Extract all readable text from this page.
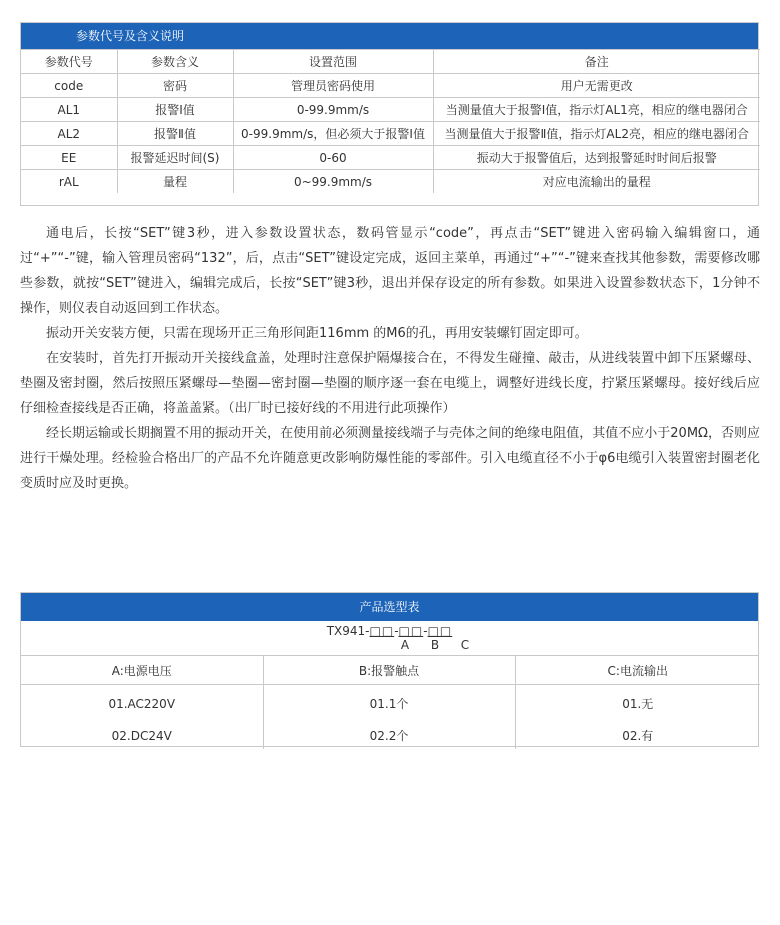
参数代号及含义说明
参数代号	参数含义	设置范围	备注
code	密码	管理员密码使用	用户无需更改
AL1	报警Ⅰ值	0-99.9mm/s	当测量值大于报警Ⅰ值，指示灯AL1亮，相应的继电器闭合
AL2	报警Ⅱ值	0-99.9mm/s，但必须大于报警Ⅰ值	当测量值大于报警Ⅱ值，指示灯AL2亮，相应的继电器闭合
EE	报警延迟时间(S)	0-60	振动大于报警值后，达到报警延时时间后报警
rAL	量程	0~99.9mm/s	对应电流输出的量程

通电后，长按“SET”键3秒，进入参数设置状态，数码管显示“code”，再点击“SET”键进入密码输入编辑窗口，通过“+”“-”键，输入管理员密码“132”，后，点击“SET”键设定完成，返回主菜单，再通过“+”“-”键来查找其他参数，需要修改哪些参数，就按“SET”键进入，编辑完成后，长按“SET”键3秒，退出并保存设定的所有参数。如果进入设置参数状态下，1分钟不操作，则仪表自动返回到工作状态。

振动开关安装方便，只需在现场开正三角形间距116mm 的M6的孔，再用安装螺钉固定即可。

在安装时，首先打开振动开关接线盒盖，处理时注意保护隔爆接合在，不得发生碰撞、敲击，从进线装置中卸下压紧螺母、垫圈及密封圈，然后按照压紧螺母—垫圈—密封圈—垫圈的顺序逐一套在电缆上，调整好进线长度，拧紧压紧螺母。接好线后应仔细检查接线是否正确，将盖盖紧。（出厂时已接好线的不用进行此项操作）

经长期运输或长期搁置不用的振动开关，在使用前必须测量接线端子与壳体之间的绝缘电阻值，其值不应小于20MΩ，否则应进行干燥处理。经检验合格出厂的产品不允许随意更改影响防爆性能的零部件。引入电缆直径不小于φ6电缆引入装置密封圈老化变质时应及时更换。

产品选型表
TX941-□□-□□-□□
A B C
A:电源电压	B:报警触点	C:电流输出
01.AC220V	01.1个	01.无
02.DC24V	02.2个	02.有
